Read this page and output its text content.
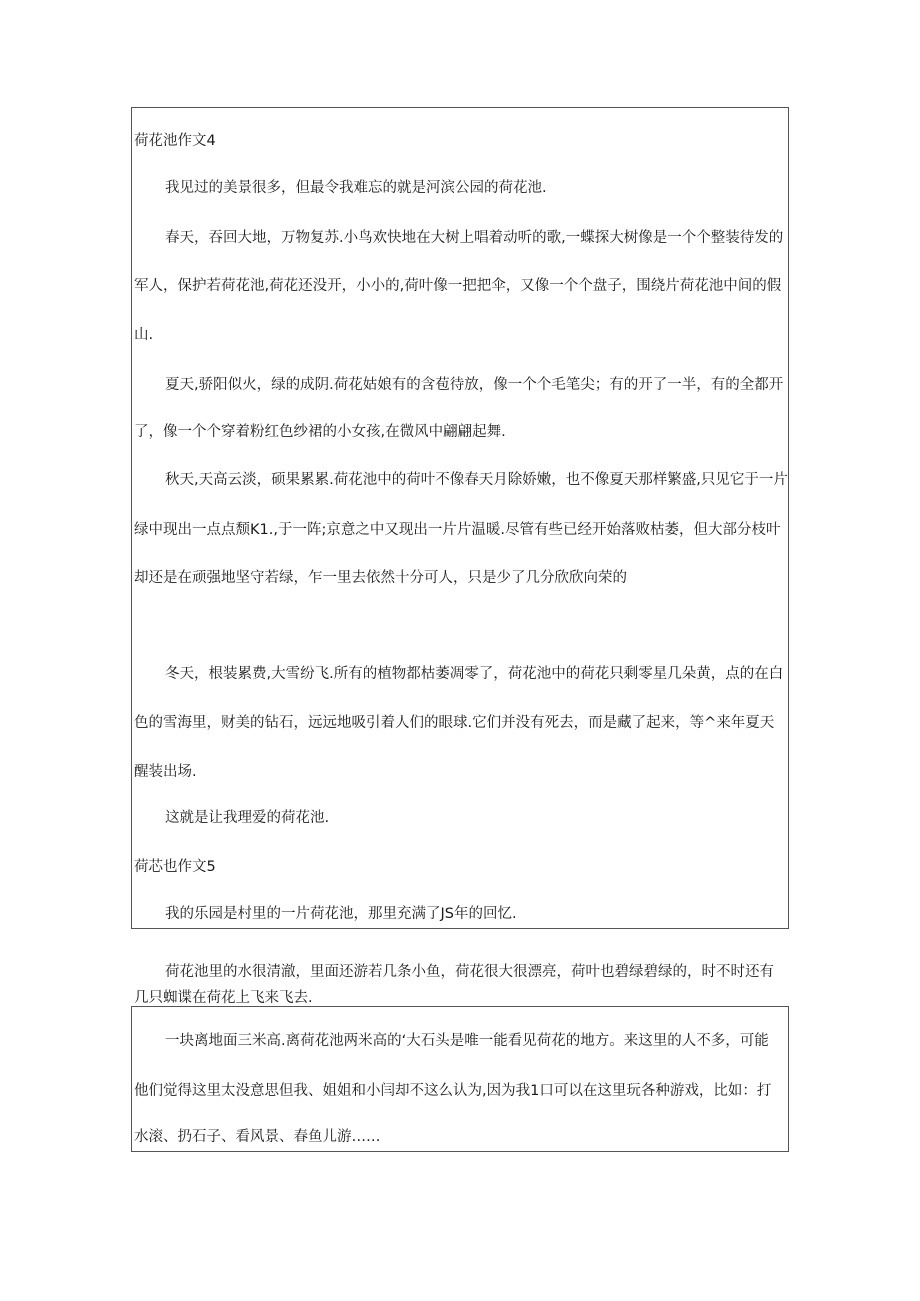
荷花池作文4

我见过的美景很多，但最令我难忘的就是河滨公园的荷花池.

春天，吞回大地，万物复苏.小鸟欢快地在大树上唱着动听的歌,一蝶探大树像是一个个整装待发的

军人，保护若荷花池,荷花还没开，小小的,荷叶像一把把伞，又像一个个盘子，围绕片荷花池中间的假

山.

夏天,骄阳似火，绿的成阴.荷花姑娘有的含苞待放，像一个个毛笔尖；有的开了一半，有的全都开

了，像一个个穿着粉红色纱裙的小女孩,在微风中翩翩起舞.

秋天,天高云淡，硕果累累.荷花池中的荷叶不像春天月除娇嫩，也不像夏天那样繁盛,只见它于一片

绿中现出一点点颓K1.,于一阵;京意之中又现出一片片温暖.尽管有些已经开始落败枯萎，但大部分枝叶

却还是在顽强地坚守若绿，乍一里去依然十分可人，只是少了几分欣欣向荣的

冬天，根装累费,大雪纷飞.所有的植物都枯萎凋零了，荷花池中的荷花只剩零星几朵黄，点的在白

色的雪海里，财美的钻石，远远地吸引着人们的眼球.它们并没有死去，而是藏了起来，等^来年夏天

醒装出场.

这就是让我理爱的荷花池.

荷芯也作文5

我的乐园是村里的一片荷花池，那里充满了JS年的回忆.

荷花池里的水很清澈，里面还游若几条小鱼，荷花很大很漂亮，荷叶也碧绿碧绿的，时不时还有

几只蜘谍在荷花上飞来飞去.

一块离地面三米高.离荷花池两米高的‘大石头是唯一能看见荷花的地方。来这里的人不多，可能

他们觉得这里太没意思但我、姐姐和小闫却不这么认为,因为我1口可以在这里玩各种游戏，比如：打

水滚、扔石子、看风景、春鱼儿游……
